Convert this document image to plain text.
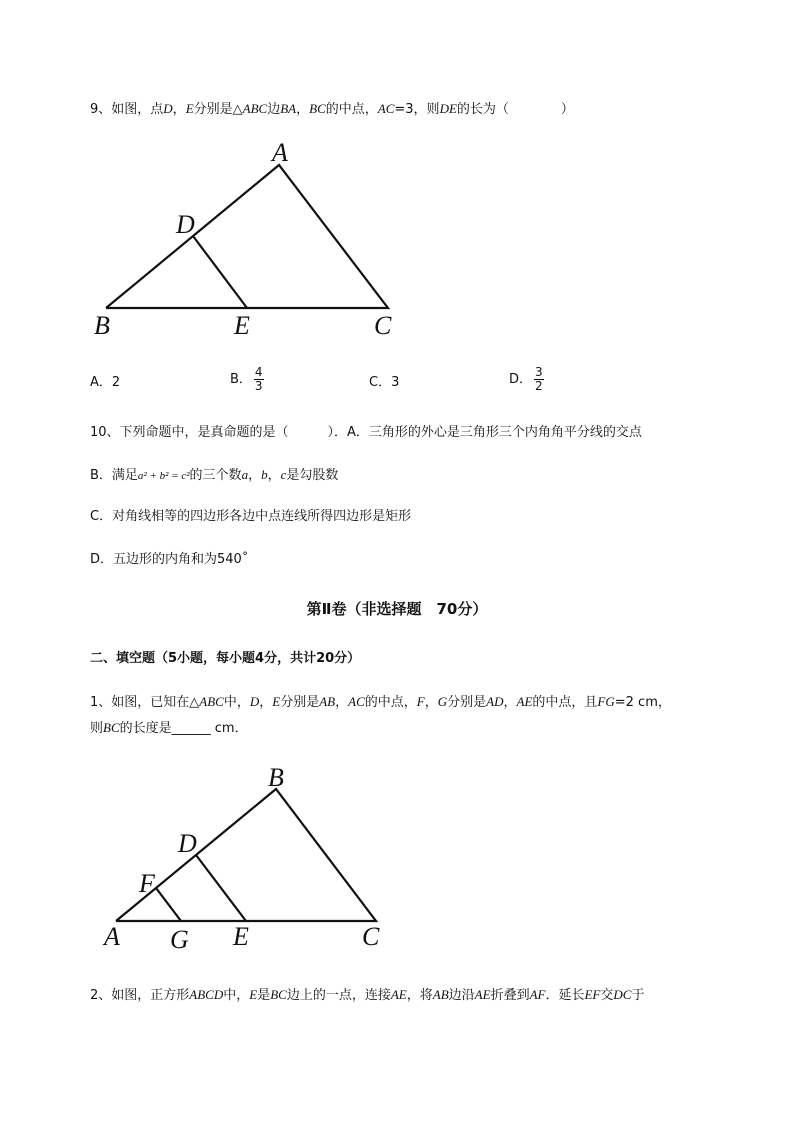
9、如图，点D，E分别是△ABC边BA，BC的中点，AC=3，则DE的长为（　　　　）
A
D
B	E	C
A．2	B． $\frac{4}{3}$	C．3	D． $\frac{3}{2}$
10、下列命题中，是真命题的是（　　　）．A．三角形的外心是三角形三个内角角平分线的交点
B．满足a² + b² = c²的三个数a，b，c是勾股数
C．对角线相等的四边形各边中点连线所得四边形是矩形
D．五边形的内角和为540˚
第Ⅱ卷（非选择题　70分）
二、填空题（5小题，每小题4分，共计20分）
1、如图，已知在△ABC中，D，E分别是AB，AC的中点，F，G分别是AD，AE的中点，且FG=2 cm，
则BC的长度是______ cm．
B
D
F
A G E	C
2、如图，正方形ABCD中，E是BC边上的一点，连接AE，将AB边沿AE折叠到AF．延长EF交DC于
